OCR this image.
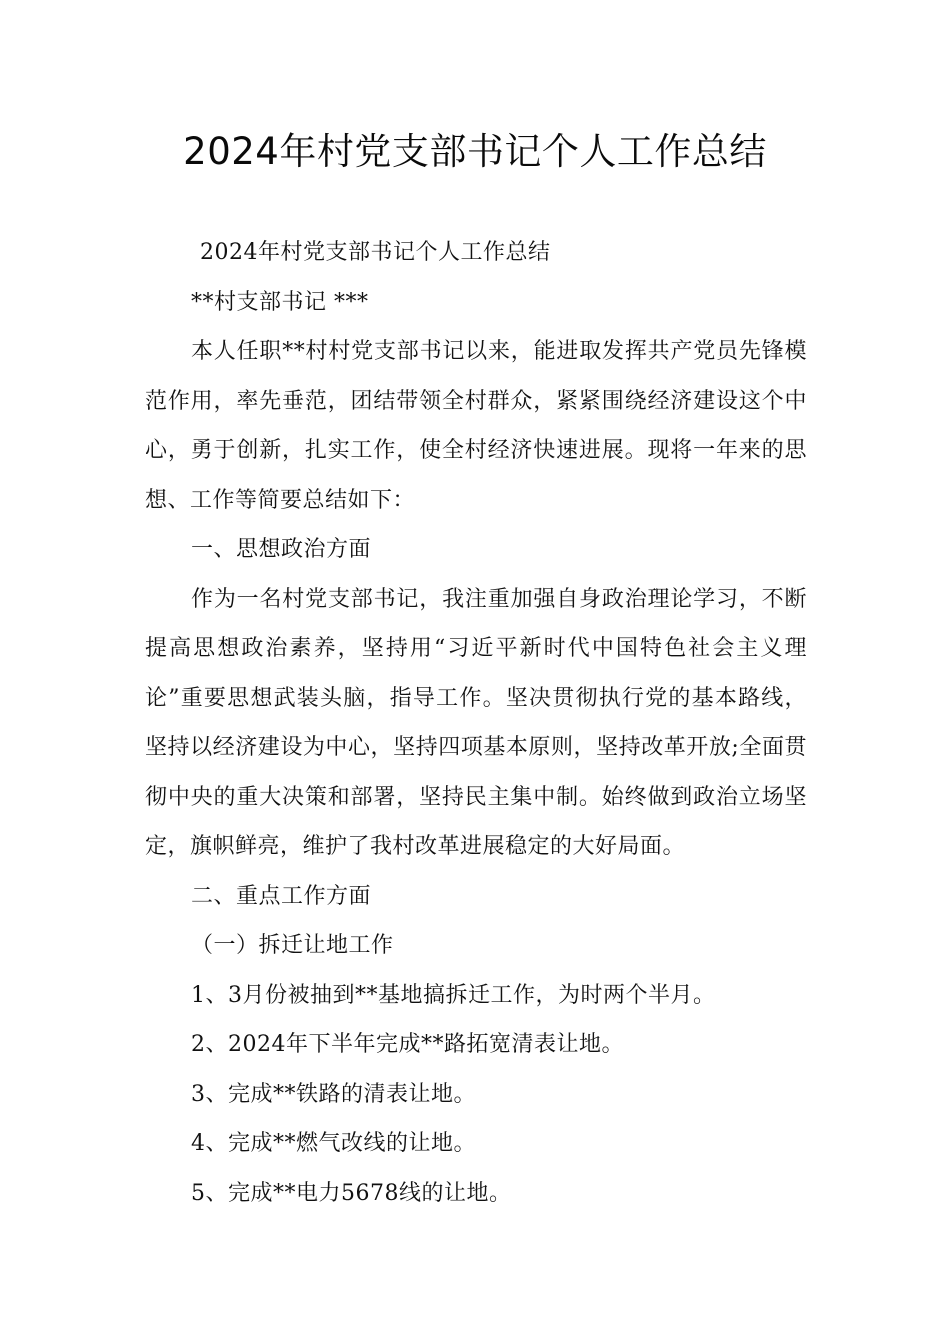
2024年村党支部书记个人工作总结

2024年村党支部书记个人工作总结

**村支部书记 ***

本人任职**村村党支部书记以来，能进取发挥共产党员先锋模范作用，率先垂范，团结带领全村群众，紧紧围绕经济建设这个中心，勇于创新，扎实工作，使全村经济快速进展。现将一年来的思想、工作等简要总结如下：

一、思想政治方面

作为一名村党支部书记，我注重加强自身政治理论学习，不断提高思想政治素养，坚持用“习近平新时代中国特色社会主义理论”重要思想武装头脑，指导工作。坚决贯彻执行党的基本路线，坚持以经济建设为中心，坚持四项基本原则，坚持改革开放;全面贯彻中央的重大决策和部署，坚持民主集中制。始终做到政治立场坚定，旗帜鲜亮，维护了我村改革进展稳定的大好局面。

二、重点工作方面

（一）拆迁让地工作

1、3月份被抽到**基地搞拆迁工作，为时两个半月。

2、2024年下半年完成**路拓宽清表让地。

3、完成**铁路的清表让地。

4、完成**燃气改线的让地。

5、完成**电力5678线的让地。
